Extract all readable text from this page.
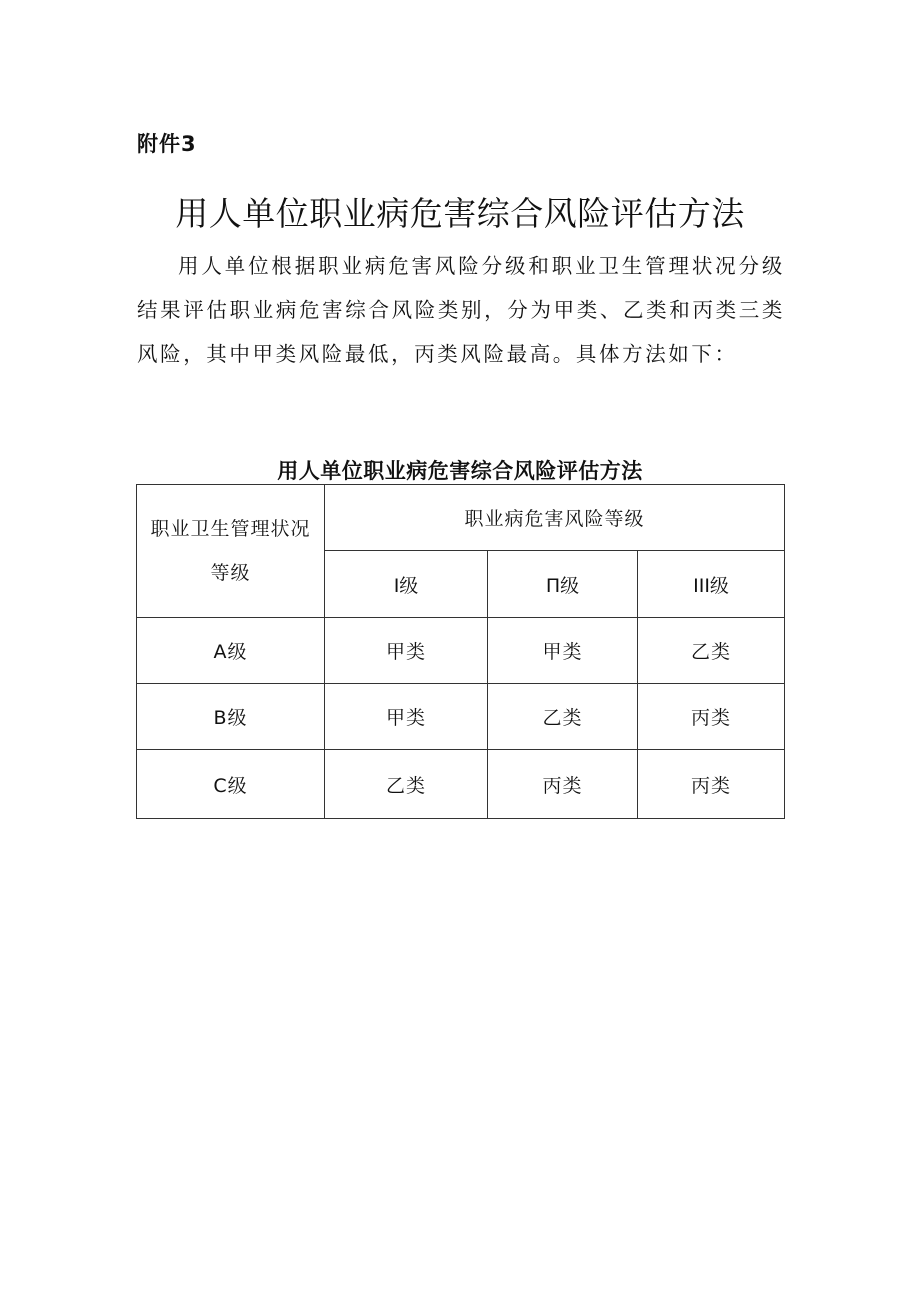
附件3
用人单位职业病危害综合风险评估方法

用人单位根据职业病危害风险分级和职业卫生管理状况分级结果评估职业病危害综合风险类别，分为甲类、乙类和丙类三类风险，其中甲类风险最低，丙类风险最高。具体方法如下：

用人单位职业病危害综合风险评估方法
职业卫生管理状况
等级	职业病危害风险等级		
	I级	П级	III级
A级	甲类	甲类	乙类
B级	甲类	乙类	丙类
C级	乙类	丙类	丙类
